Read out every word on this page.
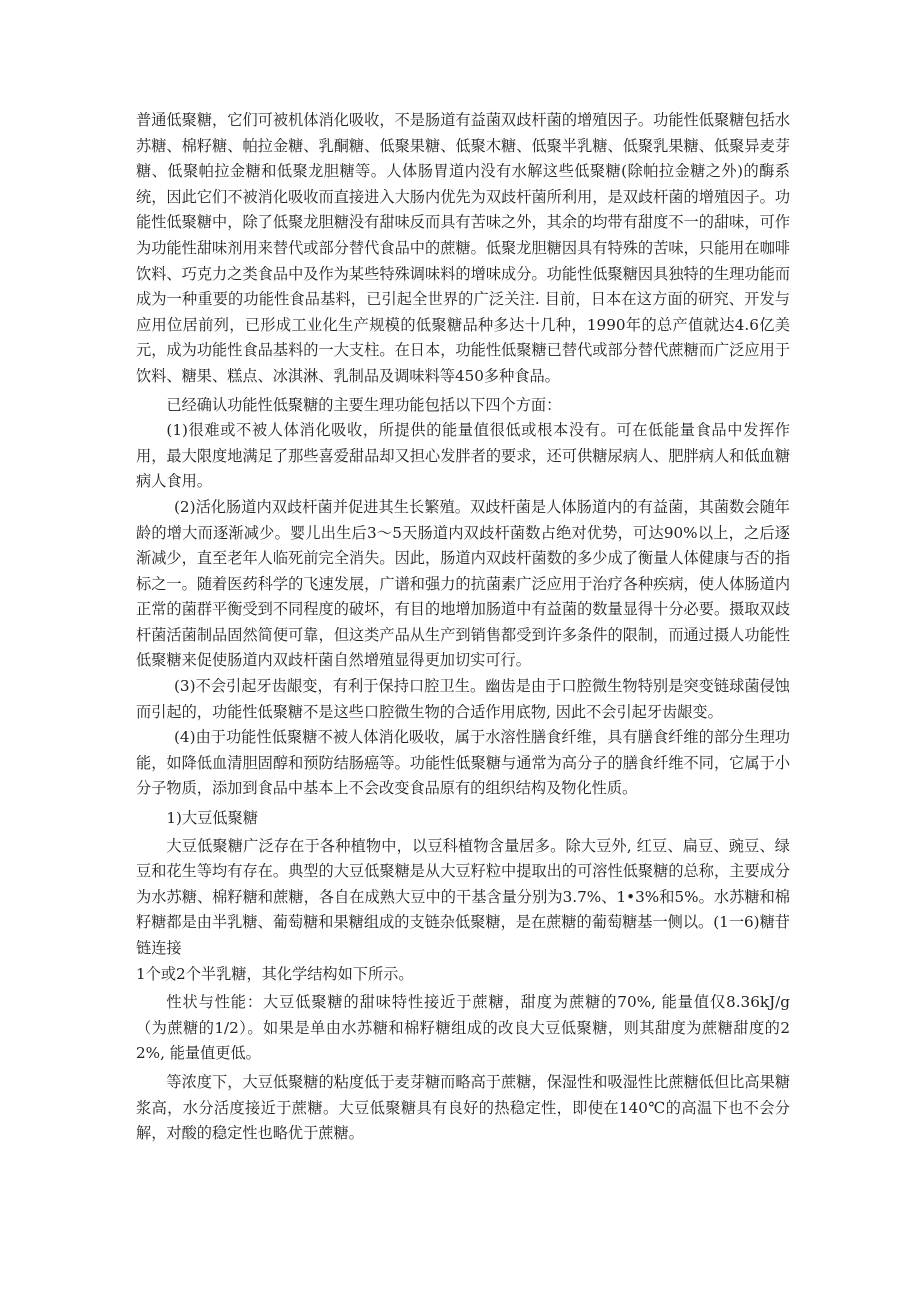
普通低聚糖，它们可被机体消化吸收，不是肠道有益菌双歧杆菌的增殖因子。功能性低聚糖包括水苏糖、棉籽糖、帕拉金糖、乳酮糖、低聚果糖、低聚木糖、低聚半乳糖、低聚乳果糖、低聚异麦芽糖、低聚帕拉金糖和低聚龙胆糖等。人体肠胃道内没有水解这些低聚糖(除帕拉金糖之外)的酶系统，因此它们不被消化吸收而直接进入大肠内优先为双歧杆菌所利用，是双歧杆菌的增殖因子。功能性低聚糖中，除了低聚龙胆糖没有甜味反而具有苦味之外，其余的均带有甜度不一的甜味，可作为功能性甜味剂用来替代或部分替代食品中的蔗糖。低聚龙胆糖因具有特殊的苦味，只能用在咖啡饮料、巧克力之类食品中及作为某些特殊调味料的增味成分。功能性低聚糖因具独特的生理功能而成为一种重要的功能性食品基料，已引起全世界的广泛关注. 目前，日本在这方面的研究、开发与应用位居前列，已形成工业化生产规模的低聚糖品种多达十几种，1990年的总产值就达4.6亿美元，成为功能性食品基料的一大支柱。在日本，功能性低聚糖已替代或部分替代蔗糖而广泛应用于饮料、糖果、糕点、冰淇淋、乳制品及调味料等450多种食品。

已经确认功能性低聚糖的主要生理功能包括以下四个方面：

(1)很难或不被人体消化吸收，所提供的能量值很低或根本没有。可在低能量食品中发挥作用，最大限度地满足了那些喜爱甜品却又担心发胖者的要求，还可供糖尿病人、肥胖病人和低血糖病人食用。

(2)活化肠道内双歧杆菌并促进其生长繁殖。双歧杆菌是人体肠道内的有益菌，其菌数会随年龄的增大而逐渐减少。婴儿出生后3～5天肠道内双歧杆菌数占绝对优势，可达90%以上，之后逐渐减少，直至老年人临死前完全消失。因此，肠道内双歧杆菌数的多少成了衡量人体健康与否的指标之一。随着医药科学的飞速发展，广谱和强力的抗菌素广泛应用于治疗各种疾病，使人体肠道内正常的菌群平衡受到不同程度的破坏，有目的地增加肠道中有益菌的数量显得十分必要。摄取双歧杆菌活菌制品固然简便可靠，但这类产品从生产到销售都受到许多条件的限制，而通过摄人功能性低聚糖来促使肠道内双歧杆菌自然增殖显得更加切实可行。

(3)不会引起牙齿龈变，有利于保持口腔卫生。幽齿是由于口腔微生物特别是突变链球菌侵蚀而引起的，功能性低聚糖不是这些口腔微生物的合适作用底物, 因此不会引起牙齿龈变。

(4)由于功能性低聚糖不被人体消化吸收，属于水溶性膳食纤维，具有膳食纤维的部分生理功能，如降低血清胆固醇和预防结肠癌等。功能性低聚糖与通常为高分子的膳食纤维不同，它属于小分子物质，添加到食品中基本上不会改变食品原有的组织结构及物化性质。

1)大豆低聚糖

大豆低聚糖广泛存在于各种植物中，以豆科植物含量居多。除大豆外, 红豆、扁豆、豌豆、绿豆和花生等均有存在。典型的大豆低聚糖是从大豆籽粒中提取出的可溶性低聚糖的总称，主要成分为水苏糖、棉籽糖和蔗糖，各自在成熟大豆中的干基含量分别为3.7%、1•3%和5%。水苏糖和棉籽糖都是由半乳糖、葡萄糖和果糖组成的支链杂低聚糖，是在蔗糖的葡萄糖基一侧以。(1一6)糖苷链连接

1个或2个半乳糖，其化学结构如下所示。

性状与性能：大豆低聚糖的甜味特性接近于蔗糖，甜度为蔗糖的70%, 能量值仅8.36kJ/g（为蔗糖的1/2）。如果是单由水苏糖和棉籽糖组成的改良大豆低聚糖，则其甜度为蔗糖甜度的22%, 能量值更低。

等浓度下，大豆低聚糖的粘度低于麦芽糖而略高于蔗糖，保湿性和吸湿性比蔗糖低但比高果糖浆高，水分活度接近于蔗糖。大豆低聚糖具有良好的热稳定性，即使在140℃的高温下也不会分解，对酸的稳定性也略优于蔗糖。
